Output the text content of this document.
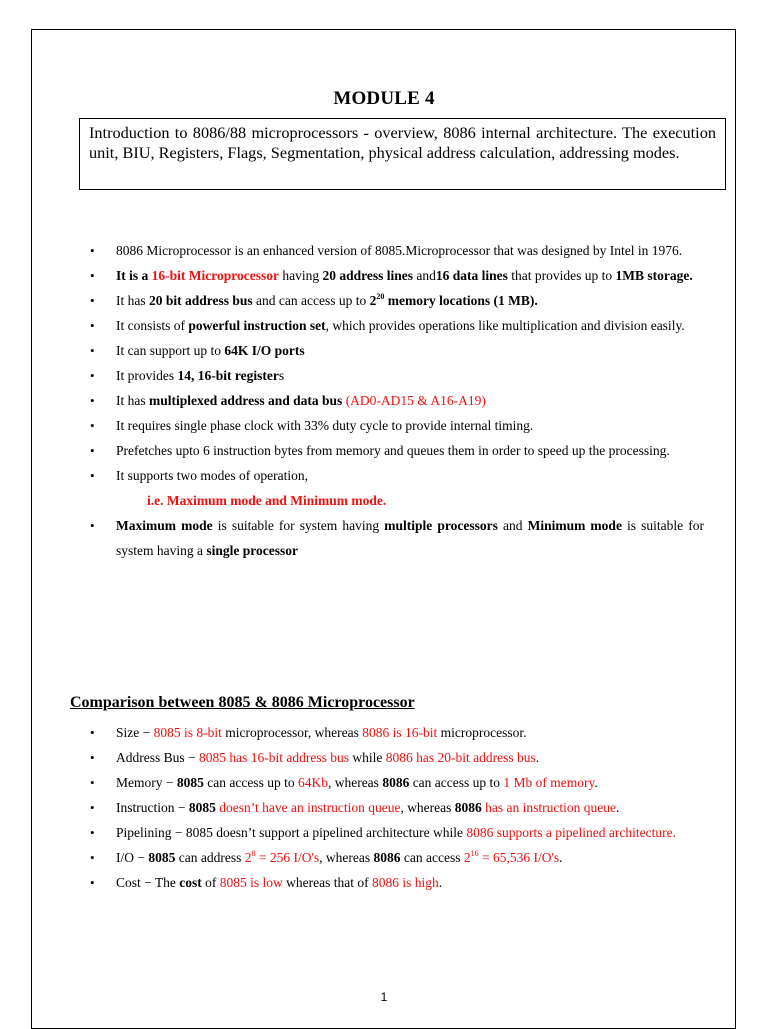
MODULE 4
Introduction to 8086/88 microprocessors - overview, 8086 internal architecture. The execution unit, BIU, Registers, Flags, Segmentation, physical address calculation, addressing modes.
• 8086 Microprocessor is an enhanced version of 8085.Microprocessor that was designed by Intel in 1976.
• It is a 16-bit Microprocessor having 20 address lines and16 data lines that provides up to 1MB storage.
• It has 20 bit address bus and can access up to $2^{20}$ memory locations (1 MB).
• It consists of powerful instruction set, which provides operations like multiplication and division easily.
• It can support up to 64K I/O ports
• It provides 14, 16-bit registers
• It has multiplexed address and data bus (AD0-AD15 & A16-A19)
• It requires single phase clock with 33% duty cycle to provide internal timing.
• Prefetches upto 6 instruction bytes from memory and queues them in order to speed up the processing.
• It supports two modes of operation,
i.e. Maximum mode and Minimum mode.
• Maximum mode is suitable for system having multiple processors and Minimum mode is suitable for system having a single processor
Comparison between 8085 & 8086 Microprocessor
• Size − 8085 is 8-bit microprocessor, whereas 8086 is 16-bit microprocessor.
• Address Bus − 8085 has 16-bit address bus while 8086 has 20-bit address bus.
• Memory − 8085 can access up to 64Kb, whereas 8086 can access up to 1 Mb of memory.
• Instruction − 8085 doesn’t have an instruction queue, whereas 8086 has an instruction queue.
• Pipelining − 8085 doesn’t support a pipelined architecture while 8086 supports a pipelined architecture.
• I/O − 8085 can address $2^8 = 256$ I/O's, whereas 8086 can access $2^{16} = 65,536$ I/O's.
• Cost − The cost of 8085 is low whereas that of 8086 is high.
1
